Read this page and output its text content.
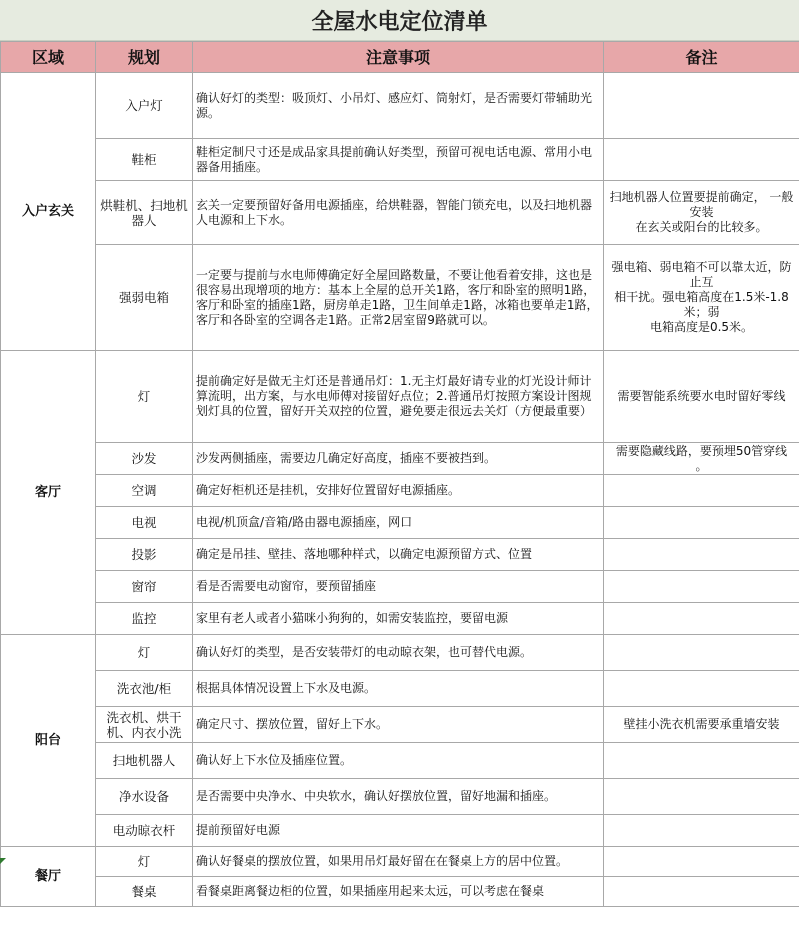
全屋水电定位清单
区域	规划	注意事项	备注
入户玄关	入户灯	确认好灯的类型：吸顶灯、小吊灯、感应灯、筒射灯，是否需要灯带辅助光源。	
	鞋柜	鞋柜定制尺寸还是成品家具提前确认好类型，预留可视电话电源、常用小电器备用插座。	
	烘鞋机、扫地机器人	玄关一定要预留好备用电源插座，给烘鞋器，智能门锁充电，以及扫地机器人电源和上下水。	扫地机器人位置要提前确定， 一般安装
在玄关或阳台的比较多。
	强弱电箱	一定要与提前与水电师傅确定好全屋回路数量，不要让他看着安排，这也是很容易出现增项的地方：基本上全屋的总开关1路，客厅和卧室的照明1路，客厅和卧室的插座1路，厨房单走1路，卫生间单走1路，冰箱也要单走1路，客厅和各卧室的空调各走1路。正常2居室留9路就可以。	强电箱、弱电箱不可以靠太近，防止互
相干扰。强电箱高度在1.5米-1.8米；弱
电箱高度是0.5米。
客厅	灯	提前确定好是做无主灯还是普通吊灯：1.无主灯最好请专业的灯光设计师计算流明，出方案，与水电师傅对接留好点位；2.普通吊灯按照方案设计图规划灯具的位置，留好开关双控的位置，避免要走很远去关灯（方便最重要）	需要智能系统要水电时留好零线
	沙发	沙发两侧插座，需要边几确定好高度，插座不要被挡到。	需要隐藏线路，要预埋50管穿线
。
	空调	确定好柜机还是挂机，安排好位置留好电源插座。	
	电视	电视/机顶盒/音箱/路由器电源插座，网口	
	投影	确定是吊挂、壁挂、落地哪种样式，以确定电源预留方式、位置	
	窗帘	看是否需要电动窗帘，要预留插座	
	监控	家里有老人或者小猫咪小狗狗的，如需安装监控，要留电源	
阳台	灯	确认好灯的类型，是否安装带灯的电动晾衣架，也可替代电源。	
	洗衣池/柜	根据具体情况设置上下水及电源。	
	洗衣机、烘干机、内衣小洗	确定尺寸、摆放位置，留好上下水。	壁挂小洗衣机需要承重墙安装
	扫地机器人	确认好上下水位及插座位置。	
	净水设备	是否需要中央净水、中央软水，确认好摆放位置，留好地漏和插座。	
	电动晾衣杆	提前预留好电源	
餐厅	灯	确认好餐桌的摆放位置，如果用吊灯最好留在在餐桌上方的居中位置。	
	餐桌	看餐桌距离餐边柜的位置，如果插座用起来太远，可以考虑在餐桌	
